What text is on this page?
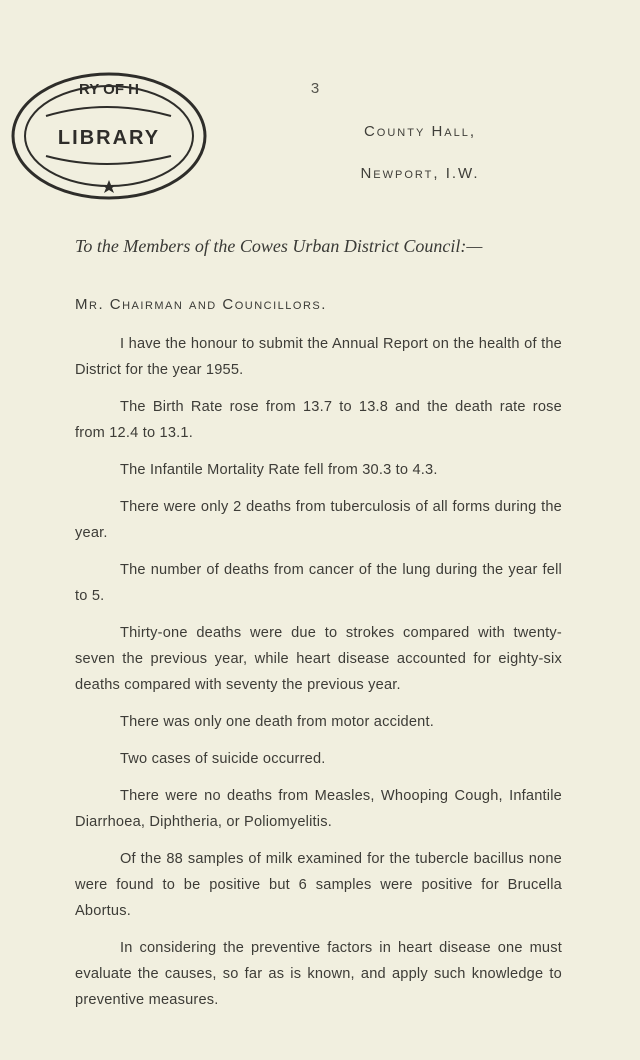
RY OF H
LIBRARY
3
County Hall,
Newport, I.W.
To the Members of the Cowes Urban District Council:—
Mr. Chairman and Councillors.

I have the honour to submit the Annual Report on the health of the District for the year 1955.

The Birth Rate rose from 13.7 to 13.8 and the death rate rose from 12.4 to 13.1.

The Infantile Mortality Rate fell from 30.3 to 4.3.

There were only 2 deaths from tuberculosis of all forms during the year.

The number of deaths from cancer of the lung during the year fell to 5.

Thirty-one deaths were due to strokes compared with twenty-seven the previous year, while heart disease accounted for eighty-six deaths compared with seventy the previous year.

There was only one death from motor accident.

Two cases of suicide occurred.

There were no deaths from Measles, Whooping Cough, Infantile Diarrhoea, Diphtheria, or Poliomyelitis.

Of the 88 samples of milk examined for the tubercle bacillus none were found to be positive but 6 samples were positive for Brucella Abortus.

In considering the preventive factors in heart disease one must evaluate the causes, so far as is known, and apply such knowledge to preventive measures.
